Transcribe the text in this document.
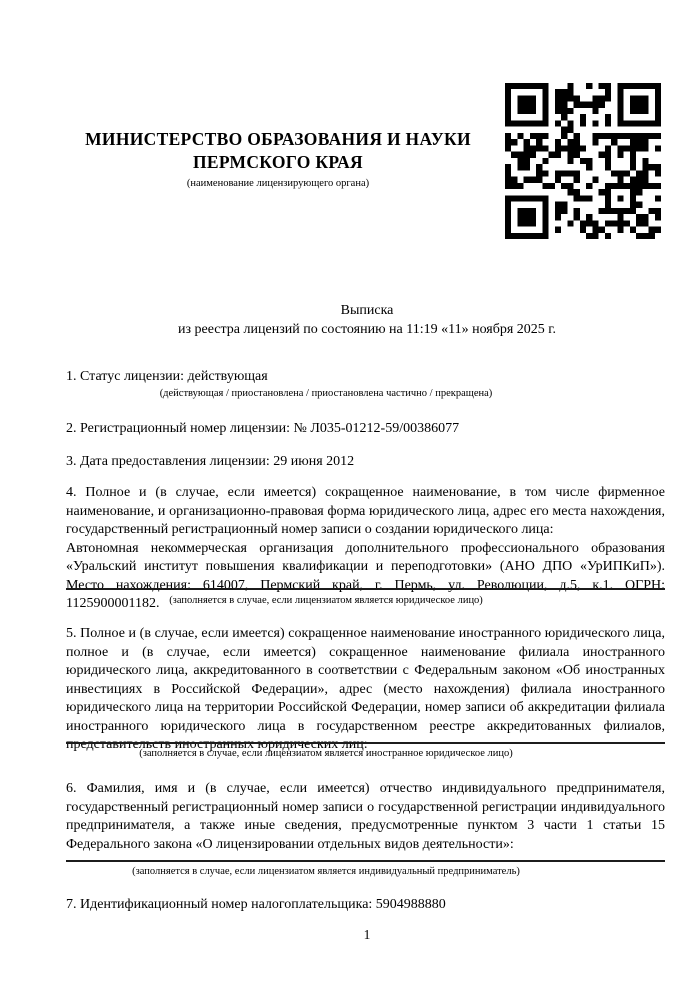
МИНИСТЕРСТВО ОБРАЗОВАНИЯ И НАУКИ
ПЕРМСКОГО КРАЯ
(наименование лицензирующего органа)
Выписка
из реестра лицензий по состоянию на 11:19 «11» ноября 2025 г.

1. Статус лицензии: действующая

(действующая / приостановлена / приостановлена частично / прекращена)

2. Регистрационный номер лицензии: № Л035-01212-59/00386077

3. Дата предоставления лицензии: 29 июня 2012

4. Полное и (в случае, если имеется) сокращенное наименование, в том числе фирменное наименование, и организационно-правовая форма юридического лица, адрес его места нахождения, государственный регистрационный номер записи о создании юридического лица:

Автономная некоммерческая организация дополнительного профессионального образования «Уральский институт повышения квалификации и переподготовки» (АНО ДПО «УрИПКиП»). Место нахождения: 614007, Пермский край, г. Пермь, ул. Революции, д.5, к.1. ОГРН: 1125900001182. (заполняется в случае, если лицензиатом является юридическое лицо)

5. Полное и (в случае, если имеется) сокращенное наименование иностранного юридического лица, полное и (в случае, если имеется) сокращенное наименование филиала иностранного юридического лица, аккредитованного в соответствии с Федеральным законом «Об иностранных инвестициях в Российской Федерации», адрес (место нахождения) филиала иностранного юридического лица на территории Российской Федерации, номер записи об аккредитации филиала иностранного юридического лица в государственном реестре аккредитованных филиалов, представительств иностранных юридических лиц:

(заполняется в случае, если лицензиатом является иностранное юридическое лицо)

6. Фамилия, имя и (в случае, если имеется) отчество индивидуального предпринимателя, государственный регистрационный номер записи о государственной регистрации индивидуального предпринимателя, а также иные сведения, предусмотренные пунктом 3 части 1 статьи 15 Федерального закона «О лицензировании отдельных видов деятельности»:

(заполняется в случае, если лицензиатом является индивидуальный предприниматель)

7. Идентификационный номер налогоплательщика: 5904988880

1
